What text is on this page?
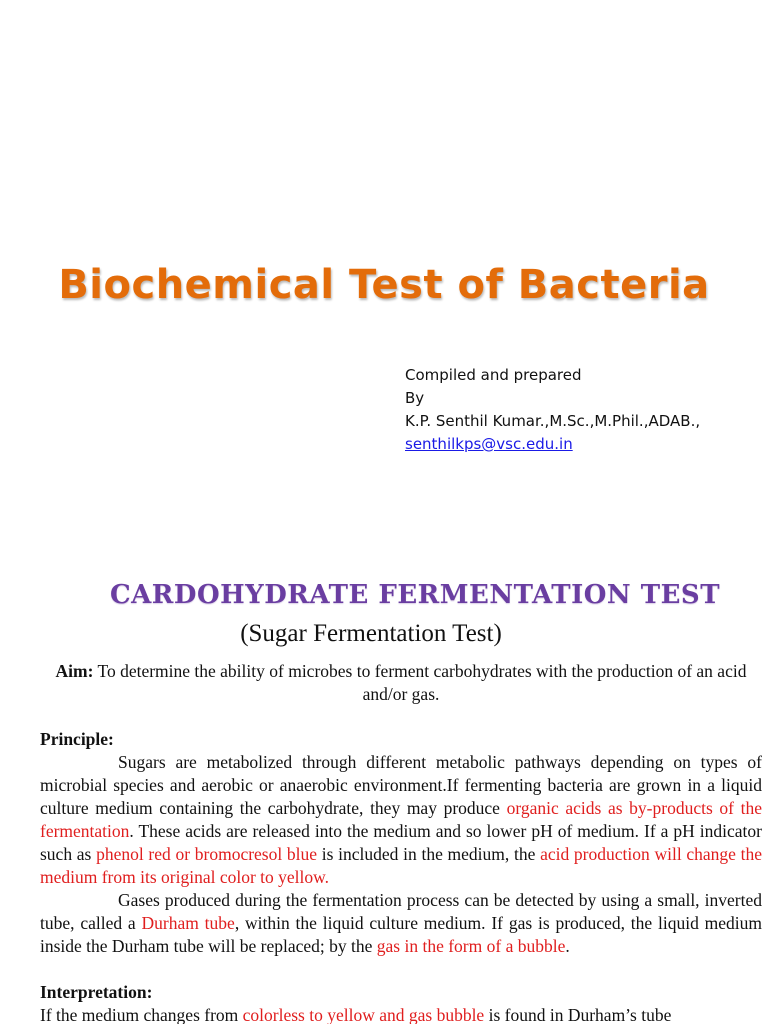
Biochemical Test of Bacteria
Compiled and prepared
By
K.P. Senthil Kumar.,M.Sc.,M.Phil.,ADAB.,
senthilkps@vsc.edu.in
CARDOHYDRATE FERMENTATION TEST
(Sugar Fermentation Test)

Aim: To determine the ability of microbes to ferment carbohydrates with the production of an acid and/or gas.

Principle:

Sugars are metabolized through different metabolic pathways depending on types of microbial species and aerobic or anaerobic environment.If fermenting bacteria are grown in a liquid culture medium containing the carbohydrate, they may produce organic acids as by-products of the fermentation. These acids are released into the medium and so lower pH of medium. If a pH indicator such as phenol red or bromocresol blue is included in the medium, the acid production will change the medium from its original color to yellow.

Gases produced during the fermentation process can be detected by using a small, inverted tube, called a Durham tube, within the liquid culture medium. If gas is produced, the liquid medium inside the Durham tube will be replaced; by the gas in the form of a bubble.

Interpretation:

If the medium changes from colorless to yellow and gas bubble is found in Durham’s tube
